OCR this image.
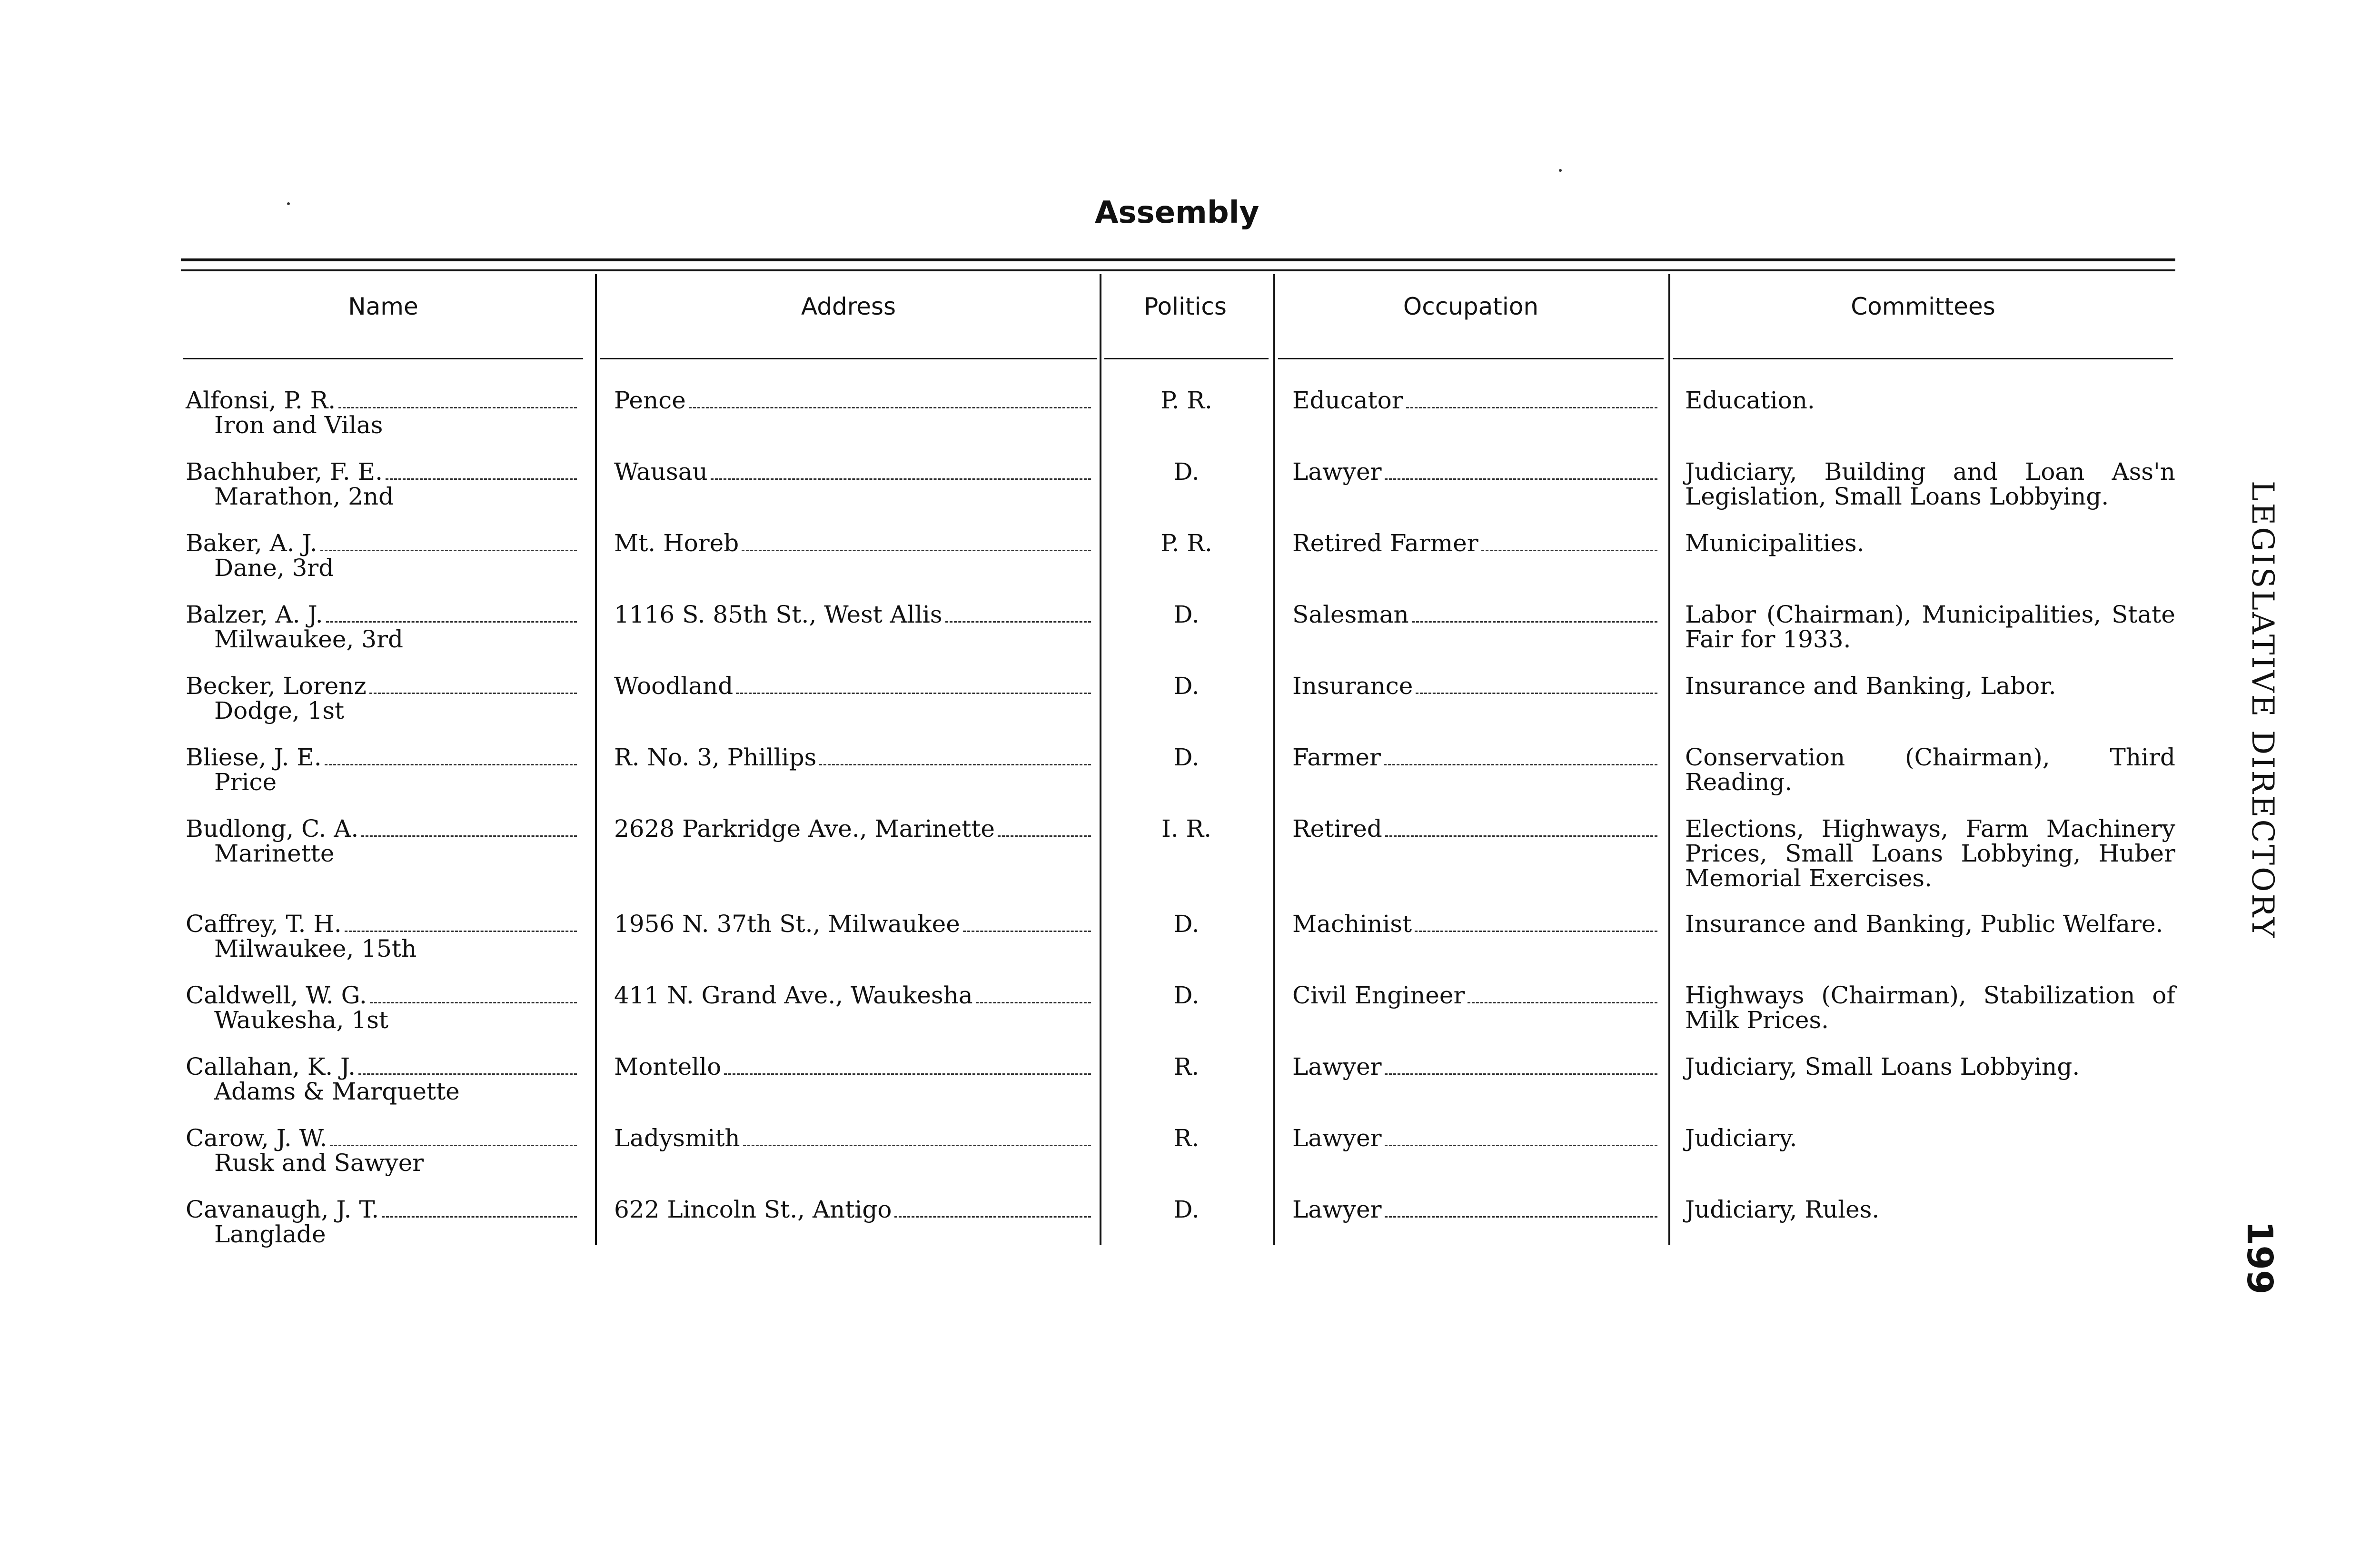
Assembly
Name	Address	Politics	Occupation	Committees
Alfonsi, P. R.
Iron and Vilas
Pence	P. R.	Educator	Education.
Bachhuber, F. E.
Marathon, 2nd
Wausau	D.	Lawyer	Judiciary, Building and Loan Ass'n Legislation, Small Loans Lobbying.
Baker, A. J.
Dane, 3rd
Mt. Horeb	P. R.	Retired Farmer	Municipalities.
Balzer, A. J.
Milwaukee, 3rd
1116 S. 85th St., West Allis	D.	Salesman	Labor (Chairman), Municipalities, State Fair for 1933.
Becker, Lorenz
Dodge, 1st
Woodland	D.	Insurance	Insurance and Banking, Labor.
Bliese, J. E.
Price
R. No. 3, Phillips	D.	Farmer	Conservation (Chairman), Third Reading.
Budlong, C. A.
Marinette
2628 Parkridge Ave., Marinette	I. R.	Retired	Elections, Highways, Farm Machinery Prices, Small Loans Lobbying, Huber Memorial Exercises.
Caffrey, T. H.
Milwaukee, 15th
1956 N. 37th St., Milwaukee	D.	Machinist	Insurance and Banking, Public Welfare.
Caldwell, W. G.
Waukesha, 1st
411 N. Grand Ave., Waukesha	D.	Civil Engineer	Highways (Chairman), Stabilization of Milk Prices.
Callahan, K. J.
Adams & Marquette
Montello	R.	Lawyer	Judiciary, Small Loans Lobbying.
Carow, J. W.
Rusk and Sawyer
Ladysmith	R.	Lawyer	Judiciary.
Cavanaugh, J. T.
Langlade
622 Lincoln St., Antigo	D.	Lawyer	Judiciary, Rules.
LEGISLATIVE DIRECTORY
199
